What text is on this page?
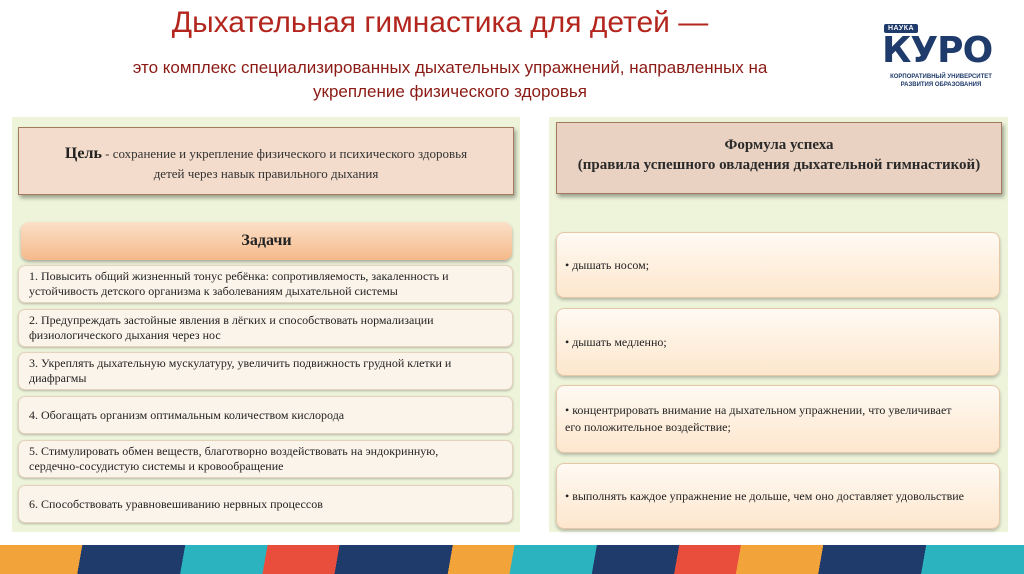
Дыхательная гимнастика для детей —
это комплекс специализированных дыхательных упражнений, направленных на
укрепление физического здоровья
НАУКА
КУРО
КОРПОРАТИВНЫЙ УНИВЕРСИТЕТ
РАЗВИТИЯ ОБРАЗОВАНИЯ
Цель - сохранение и укрепление физического и психического здоровья
детей через навык правильного дыхания
Задачи
1. Повысить общий жизненный тонус ребёнка: сопротивляемость, закаленность и
устойчивость детского организма к заболеваниям дыхательной системы
2. Предупреждать застойные явления в лёгких и способствовать нормализации
физиологического дыхания через нос
3. Укреплять дыхательную мускулатуру, увеличить подвижность грудной клетки и
диафрагмы
4. Обогащать организм оптимальным количеством кислорода
5. Стимулировать обмен веществ, благотворно воздействовать на эндокринную,
сердечно-сосудистую системы и кровообращение
6. Способствовать уравновешиванию нервных процессов
Формула успеха
(правила успешного овладения дыхательной гимнастикой)
• дышать носом;
• дышать медленно;
• концентрировать внимание на дыхательном упражнении, что увеличивает
его положительное воздействие;
• выполнять каждое упражнение не дольше, чем оно доставляет удовольствие
